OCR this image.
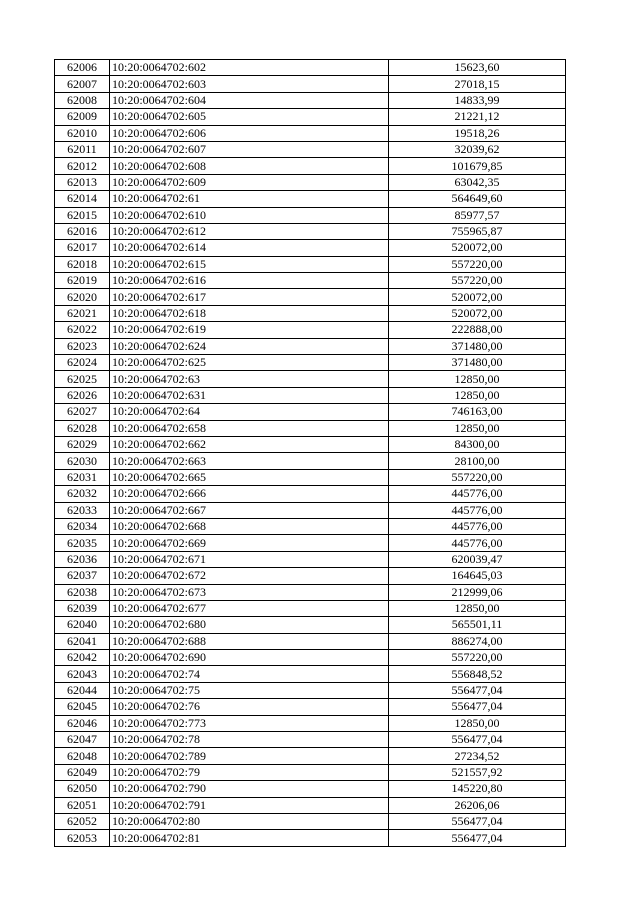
62006	10:20:0064702:602	15623,60
62007	10:20:0064702:603	27018,15
62008	10:20:0064702:604	14833,99
62009	10:20:0064702:605	21221,12
62010	10:20:0064702:606	19518,26
62011	10:20:0064702:607	32039,62
62012	10:20:0064702:608	101679,85
62013	10:20:0064702:609	63042,35
62014	10:20:0064702:61	564649,60
62015	10:20:0064702:610	85977,57
62016	10:20:0064702:612	755965,87
62017	10:20:0064702:614	520072,00
62018	10:20:0064702:615	557220,00
62019	10:20:0064702:616	557220,00
62020	10:20:0064702:617	520072,00
62021	10:20:0064702:618	520072,00
62022	10:20:0064702:619	222888,00
62023	10:20:0064702:624	371480,00
62024	10:20:0064702:625	371480,00
62025	10:20:0064702:63	12850,00
62026	10:20:0064702:631	12850,00
62027	10:20:0064702:64	746163,00
62028	10:20:0064702:658	12850,00
62029	10:20:0064702:662	84300,00
62030	10:20:0064702:663	28100,00
62031	10:20:0064702:665	557220,00
62032	10:20:0064702:666	445776,00
62033	10:20:0064702:667	445776,00
62034	10:20:0064702:668	445776,00
62035	10:20:0064702:669	445776,00
62036	10:20:0064702:671	620039,47
62037	10:20:0064702:672	164645,03
62038	10:20:0064702:673	212999,06
62039	10:20:0064702:677	12850,00
62040	10:20:0064702:680	565501,11
62041	10:20:0064702:688	886274,00
62042	10:20:0064702:690	557220,00
62043	10:20:0064702:74	556848,52
62044	10:20:0064702:75	556477,04
62045	10:20:0064702:76	556477,04
62046	10:20:0064702:773	12850,00
62047	10:20:0064702:78	556477,04
62048	10:20:0064702:789	27234,52
62049	10:20:0064702:79	521557,92
62050	10:20:0064702:790	145220,80
62051	10:20:0064702:791	26206,06
62052	10:20:0064702:80	556477,04
62053	10:20:0064702:81	556477,04
